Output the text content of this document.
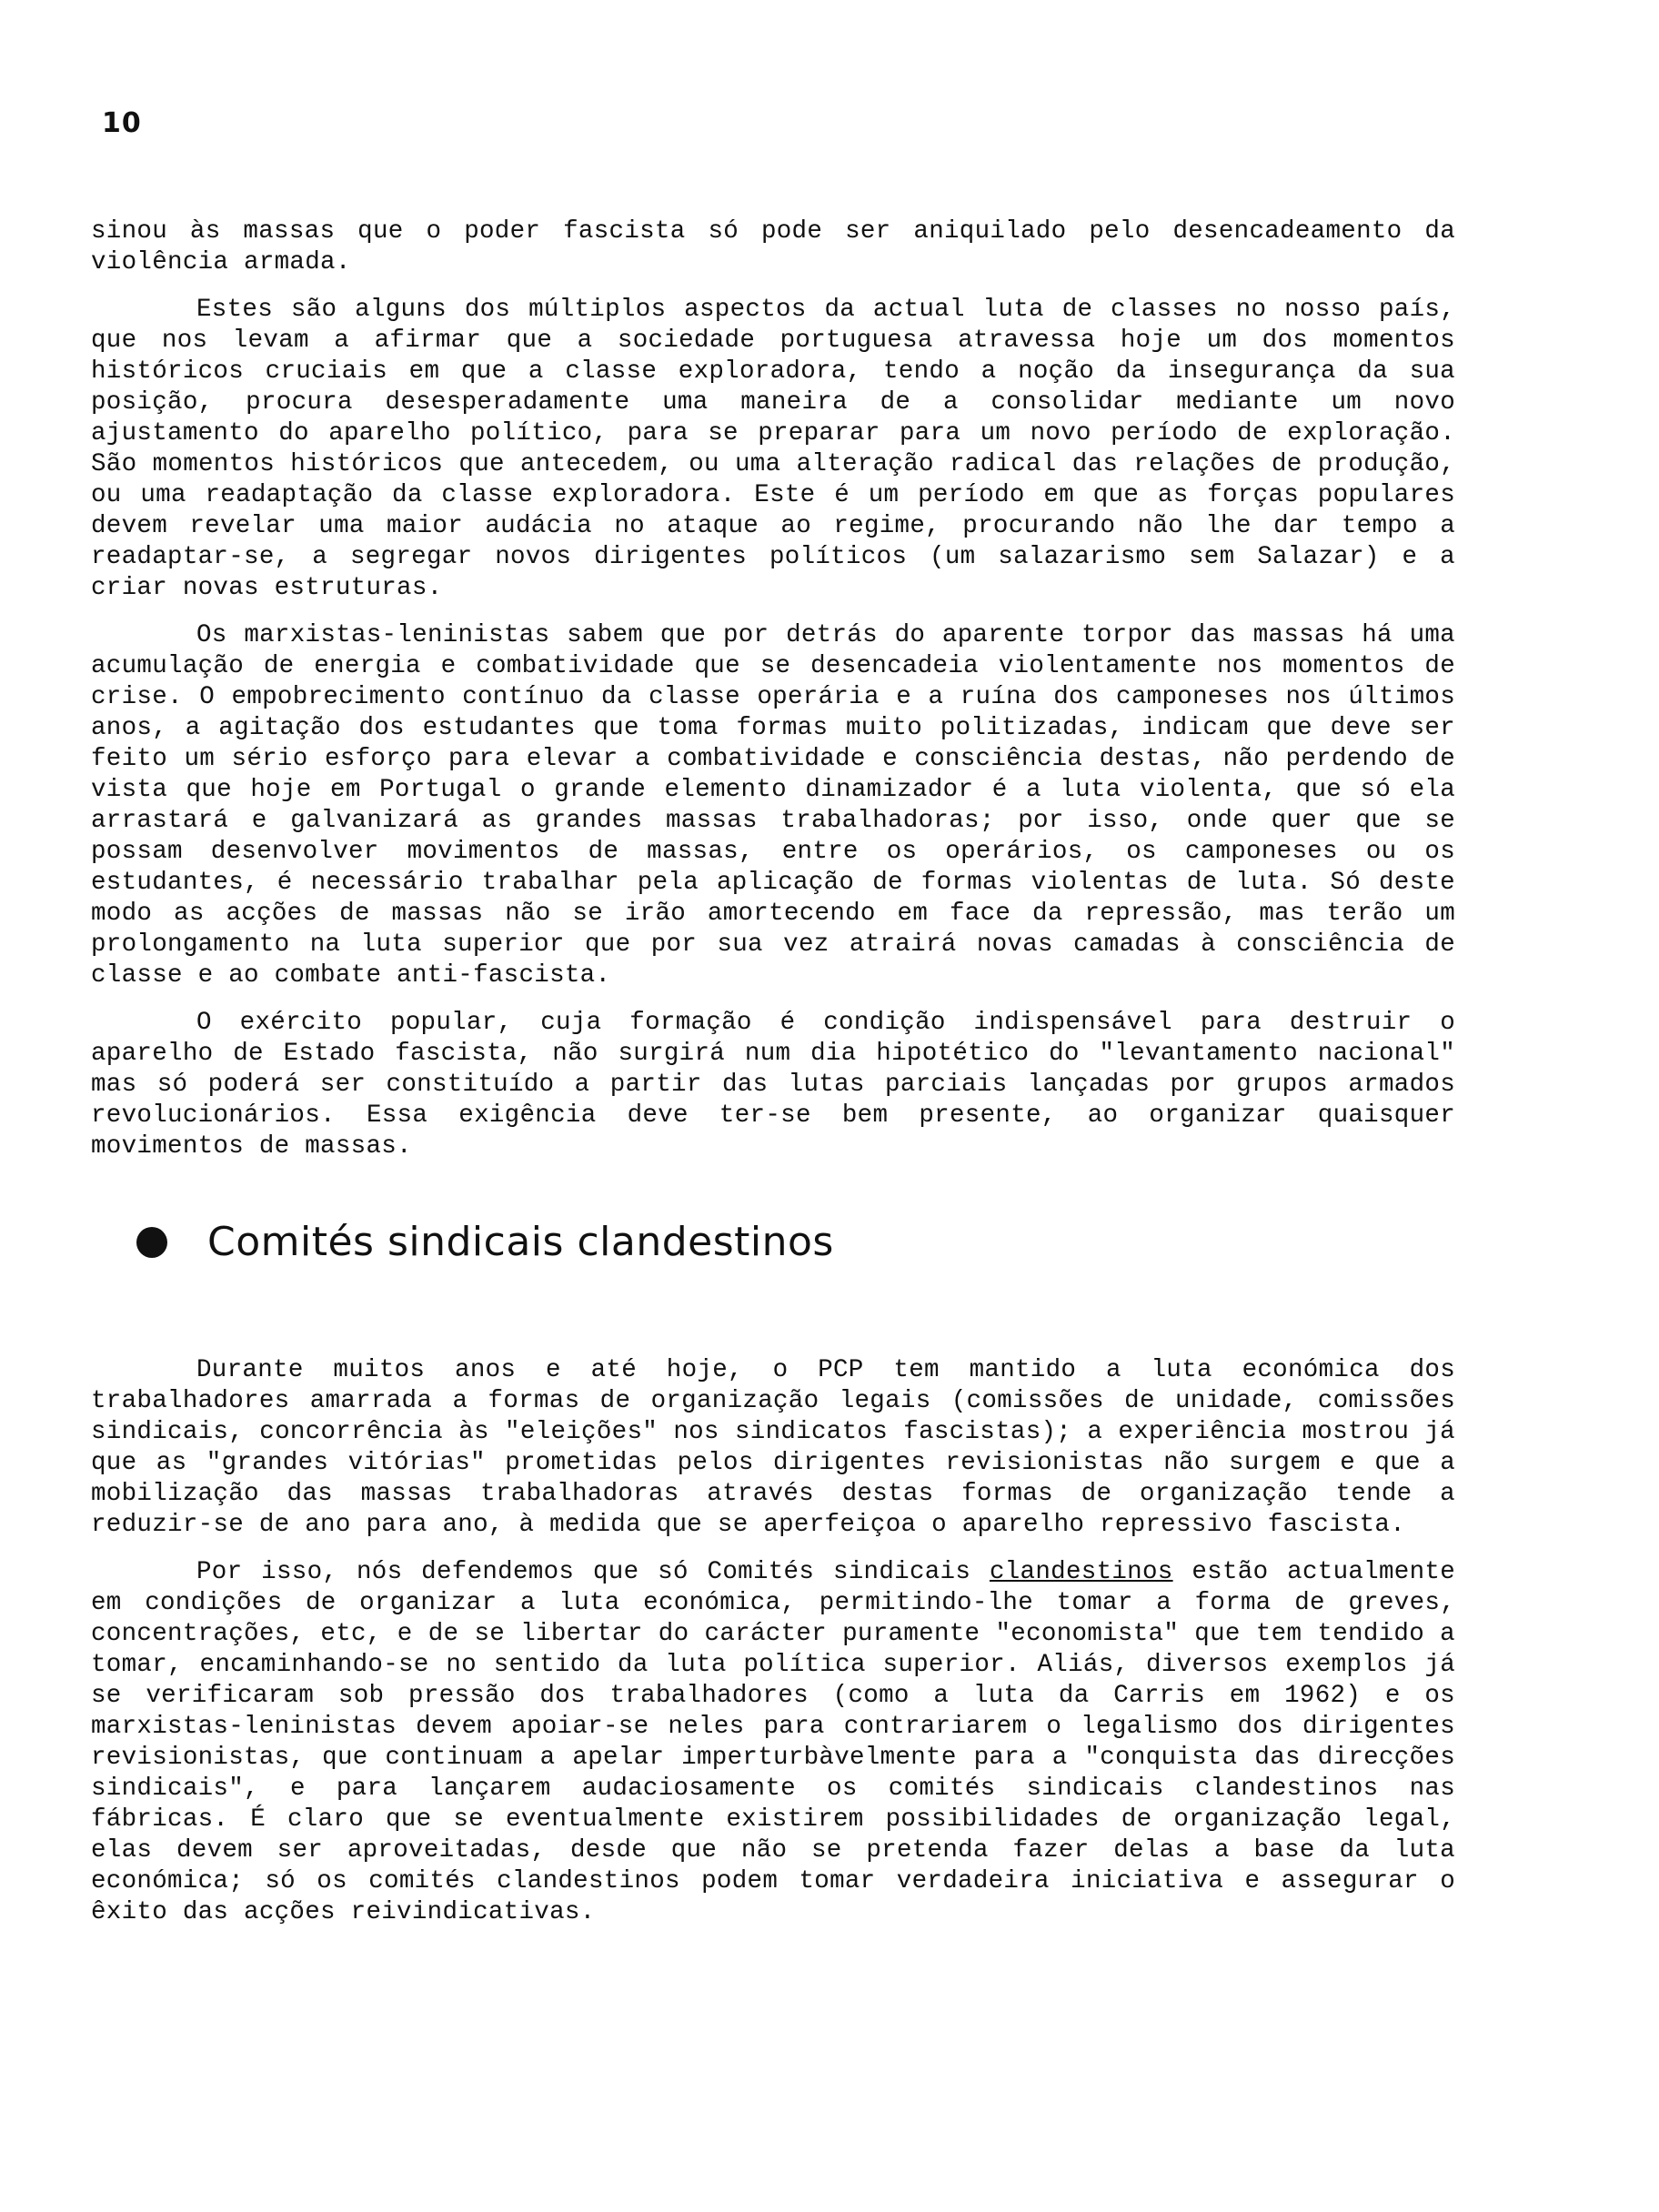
10

sinou às massas que o poder fascista só pode ser aniquilado pelo desencadeamento da violência armada.

Estes são alguns dos múltiplos aspectos da actual luta de classes no nosso país, que nos levam a afirmar que a sociedade portuguesa atravessa hoje um dos momentos históricos cruciais em que a classe exploradora, tendo a noção da insegurança da sua posição, procura desesperadamente uma maneira de a consolidar mediante um novo ajustamento do aparelho político, para se preparar para um novo período de exploração. São momentos históricos que antecedem, ou uma alteração radical das relações de produção, ou uma readaptação da classe exploradora. Este é um período em que as forças populares devem revelar uma maior audácia no ataque ao regime, procurando não lhe dar tempo a readaptar-se, a segregar novos dirigentes políticos (um salazarismo sem Salazar) e a criar novas estruturas.

Os marxistas-leninistas sabem que por detrás do aparente torpor das massas há uma acumulação de energia e combatividade que se desencadeia violentamente nos momentos de crise. O empobrecimento contínuo da classe operária e a ruína dos camponeses nos últimos anos, a agitação dos estudantes que toma formas muito politizadas, indicam que deve ser feito um sério esforço para elevar a combatividade e consciência destas, não perdendo de vista que hoje em Portugal o grande elemento dinamizador é a luta violenta, que só ela arrastará e galvanizará as grandes massas trabalhadoras; por isso, onde quer que se possam desenvolver movimentos de massas, entre os operários, os camponeses ou os estudantes, é necessário trabalhar pela aplicação de formas violentas de luta. Só deste modo as acções de massas não se irão amortecendo em face da repressão, mas terão um prolongamento na luta superior que por sua vez atrairá novas camadas à consciência de classe e ao combate anti-fascista.

O exército popular, cuja formação é condição indispensável para destruir o aparelho de Estado fascista, não surgirá num dia hipotético do "levantamento nacional" mas só poderá ser constituído a partir das lutas parciais lançadas por grupos armados revolucionários. Essa exigência deve ter-se bem presente, ao organizar quaisquer movimentos de massas.

Comités sindicais clandestinos

Durante muitos anos e até hoje, o PCP tem mantido a luta económica dos trabalhadores amarrada a formas de organização legais (comissões de unidade, comissões sindicais, concorrência às "eleições" nos sindicatos fascistas); a experiência mostrou já que as "grandes vitórias" prometidas pelos dirigentes revisionistas não surgem e que a mobilização das massas trabalhadoras através destas formas de organização tende a reduzir-se de ano para ano, à medida que se aperfeiçoa o aparelho repressivo fascista.

Por isso, nós defendemos que só Comités sindicais clandestinos estão actualmente em condições de organizar a luta económica, permitindo-lhe tomar a forma de greves, concentrações, etc, e de se libertar do carácter puramente "economista" que tem tendido a tomar, encaminhando-se no sentido da luta política superior. Aliás, diversos exemplos já se verificaram sob pressão dos trabalhadores (como a luta da Carris em 1962) e os marxistas-leninistas devem apoiar-se neles para contrariarem o legalismo dos dirigentes revisionistas, que continuam a apelar imperturbàvelmente para a "conquista das direcções sindicais", e para lançarem audaciosamente os comités sindicais clandestinos nas fábricas. É claro que se eventualmente existirem possibilidades de organização legal, elas devem ser aproveitadas, desde que não se pretenda fazer delas a base da luta económica; só os comités clandestinos podem tomar verdadeira iniciativa e assegurar o êxito das acções reivindicativas.
